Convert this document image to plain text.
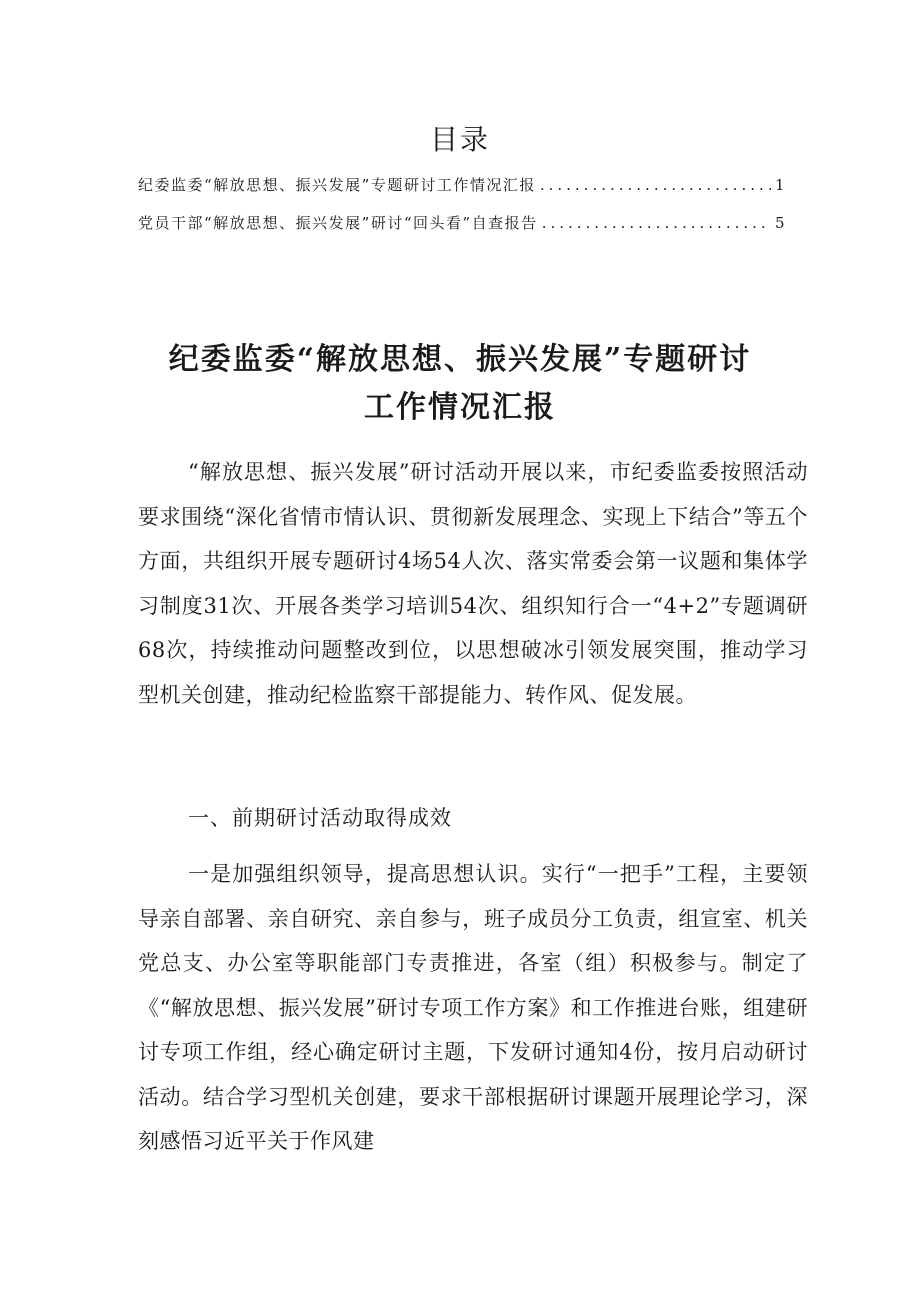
目录
纪委监委“解放思想、振兴发展”专题研讨工作情况汇报 .....	1
党员干部“解放思想、振兴发展”研讨“回头看”自查报告 .....	5
纪委监委“解放思想、振兴发展”专题研讨
工作情况汇报

“解放思想、振兴发展”研讨活动开展以来，市纪委监委按照活动要求围绕“深化省情市情认识、贯彻新发展理念、实现上下结合”等五个方面，共组织开展专题研讨4场54人次、落实常委会第一议题和集体学习制度31次、开展各类学习培训54次、组织知行合一“4+2”专题调研68次，持续推动问题整改到位，以思想破冰引领发展突围，推动学习型机关创建，推动纪检监察干部提能力、转作风、促发展。

一、前期研讨活动取得成效

一是加强组织领导，提高思想认识。实行“一把手”工程，主要领导亲自部署、亲自研究、亲自参与，班子成员分工负责，组宣室、机关党总支、办公室等职能部门专责推进，各室（组）积极参与。制定了《“解放思想、振兴发展”研讨专项工作方案》和工作推进台账，组建研讨专项工作组，经心确定研讨主题，下发研讨通知4份，按月启动研讨活动。结合学习型机关创建，要求干部根据研讨课题开展理论学习，深刻感悟习近平关于作风建
